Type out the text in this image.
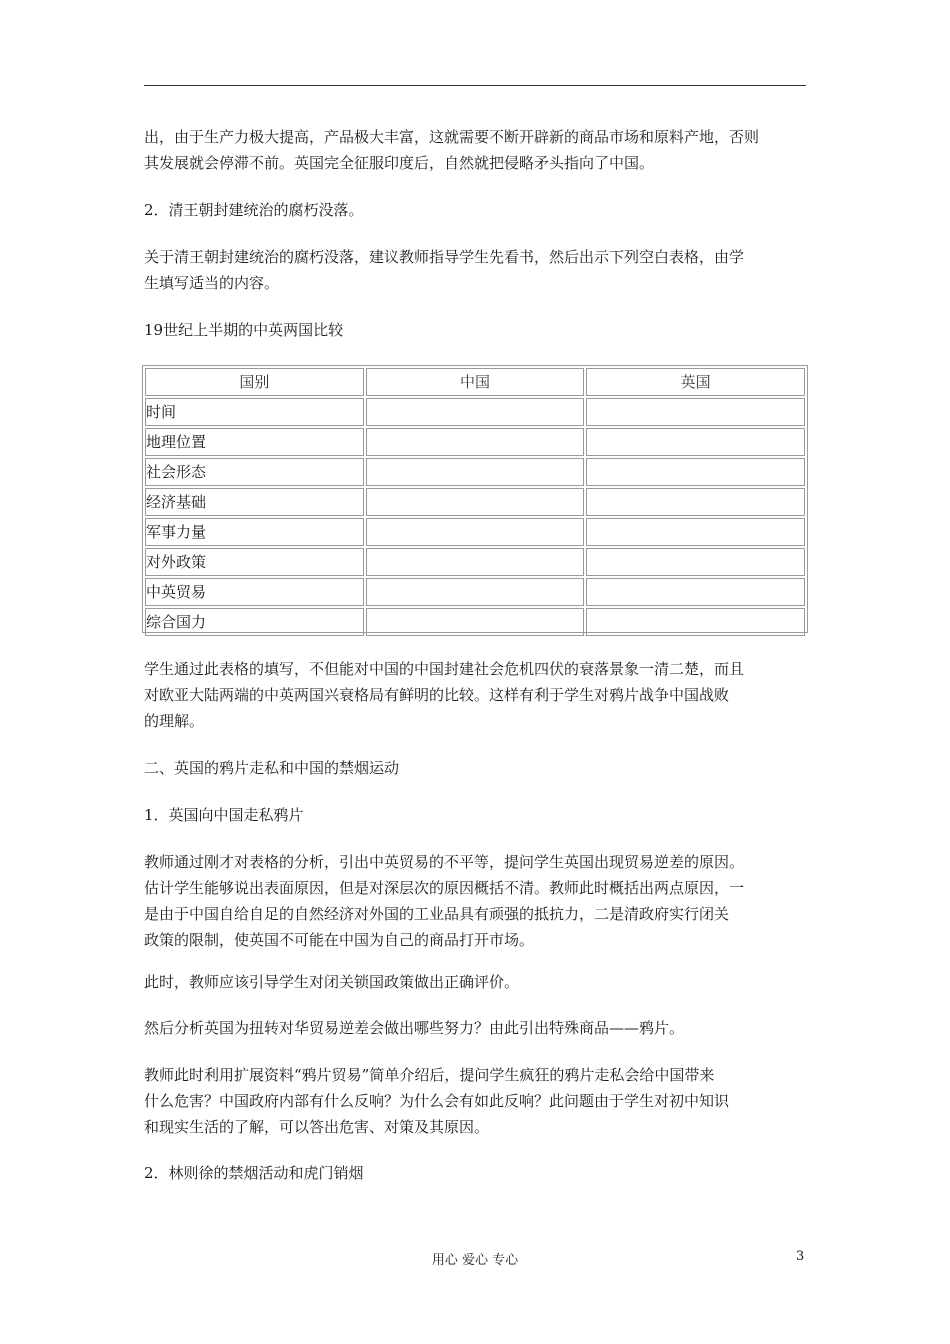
出，由于生产力极大提高，产品极大丰富，这就需要不断开辟新的商品市场和原料产地，否则
其发展就会停滞不前。英国完全征服印度后，自然就把侵略矛头指向了中国。

2．清王朝封建统治的腐朽没落。

关于清王朝封建统治的腐朽没落，建议教师指导学生先看书，然后出示下列空白表格，由学
生填写适当的内容。

19世纪上半期的中英两国比较

国别	中国	英国
时间		
地理位置		
社会形态		
经济基础		
军事力量		
对外政策		
中英贸易		
综合国力		

学生通过此表格的填写，不但能对中国的中国封建社会危机四伏的衰落景象一清二楚，而且
对欧亚大陆两端的中英两国兴衰格局有鲜明的比较。这样有利于学生对鸦片战争中国战败
的理解。

二、英国的鸦片走私和中国的禁烟运动

1．英国向中国走私鸦片

教师通过刚才对表格的分析，引出中英贸易的不平等，提问学生英国出现贸易逆差的原因。
估计学生能够说出表面原因，但是对深层次的原因概括不清。教师此时概括出两点原因，一
是由于中国自给自足的自然经济对外国的工业品具有顽强的抵抗力，二是清政府实行闭关
政策的限制，使英国不可能在中国为自己的商品打开市场。

此时，教师应该引导学生对闭关锁国政策做出正确评价。

然后分析英国为扭转对华贸易逆差会做出哪些努力？由此引出特殊商品——鸦片。

教师此时利用扩展资料“鸦片贸易”简单介绍后，提问学生疯狂的鸦片走私会给中国带来
什么危害？中国政府内部有什么反响？为什么会有如此反响？此问题由于学生对初中知识
和现实生活的了解，可以答出危害、对策及其原因。

2．林则徐的禁烟活动和虎门销烟

用心 爱心 专心	3
